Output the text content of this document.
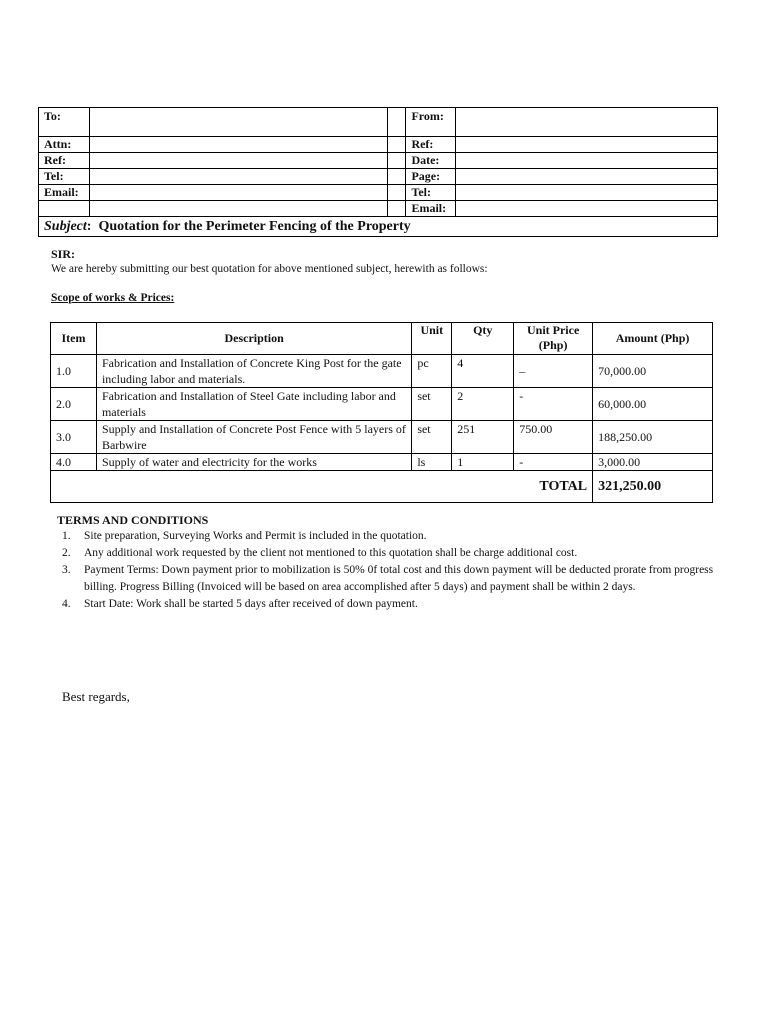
To:			From:	
Attn:			Ref:	
Ref:			Date:	
Tel:			Page:	
Email:			Tel:	
			Email:	
Subject: Quotation for the Perimeter Fencing of the Property				
SIR:
We are hereby submitting our best quotation for above mentioned subject, herewith as follows:
Scope of works & Prices:
Item	Description	Unit	Qty	Unit Price (Php)	Amount (Php)
1.0	Fabrication and Installation of Concrete King Post for the gate including labor and materials.	pc	4	–	70,000.00
2.0	Fabrication and Installation of Steel Gate including labor and materials	set	2	-	60,000.00
3.0	Supply and Installation of Concrete Post Fence with 5 layers of Barbwire	set	251	750.00	188,250.00
4.0	Supply of water and electricity for the works	ls	1	-	3,000.00
TOTAL					321,250.00
TERMS AND CONDITIONS
1. Site preparation, Surveying Works and Permit is included in the quotation.
2. Any additional work requested by the client not mentioned to this quotation shall be charge additional cost.
3. Payment Terms: Down payment prior to mobilization is 50% 0f total cost and this down payment will be deducted prorate from progress billing. Progress Billing (Invoiced will be based on area accomplished after 5 days) and payment shall be within 2 days.
4. Start Date: Work shall be started 5 days after received of down payment.
Best regards,
